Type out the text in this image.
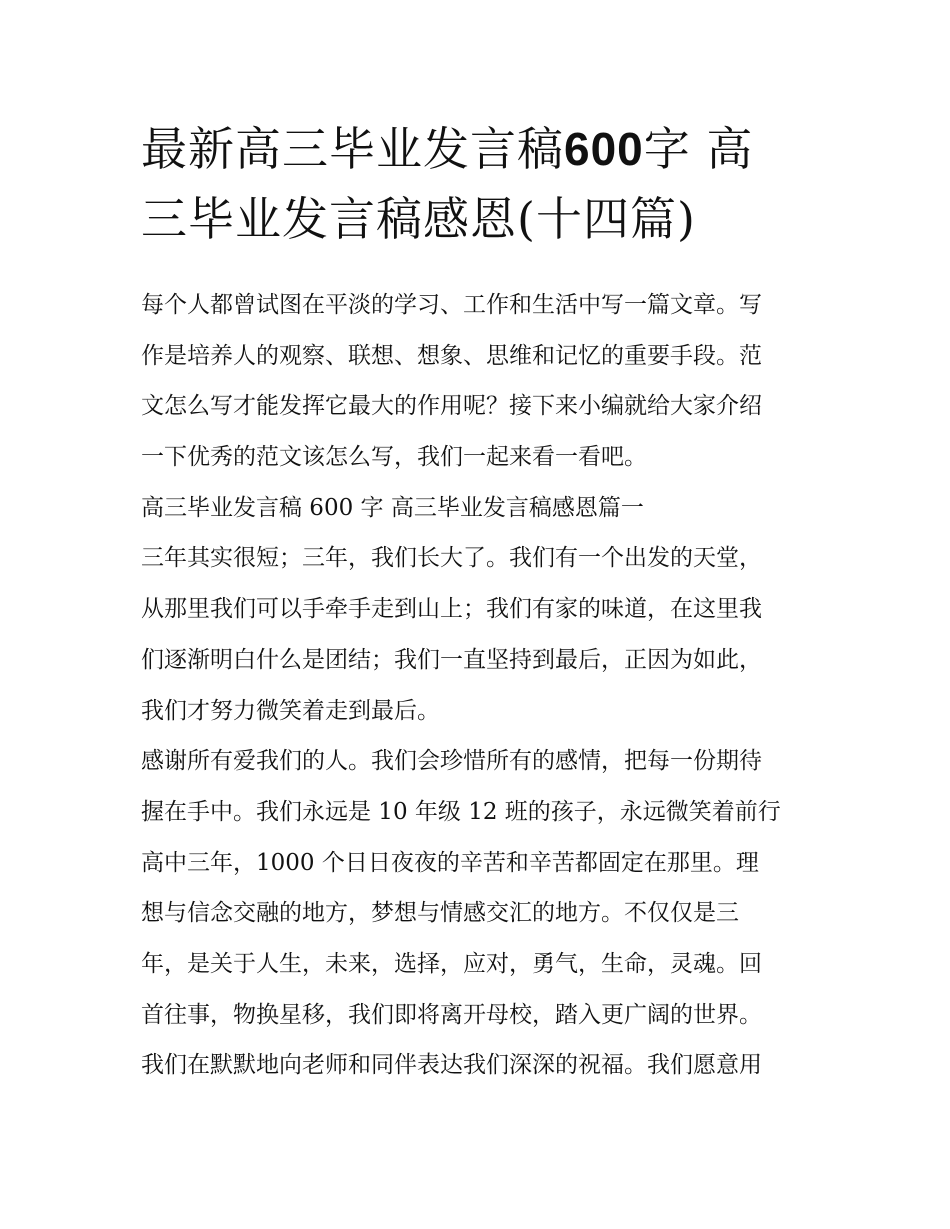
最新高三毕业发言稿600字 高
三毕业发言稿感恩(十四篇)
每个人都曾试图在平淡的学习、工作和生活中写一篇文章。写
作是培养人的观察、联想、想象、思维和记忆的重要手段。范
文怎么写才能发挥它最大的作用呢？接下来小编就给大家介绍
一下优秀的范文该怎么写，我们一起来看一看吧。
高三毕业发言稿 600 字 高三毕业发言稿感恩篇一
三年其实很短；三年，我们长大了。我们有一个出发的天堂，
从那里我们可以手牵手走到山上；我们有家的味道，在这里我
们逐渐明白什么是团结；我们一直坚持到最后，正因为如此，
我们才努力微笑着走到最后。
感谢所有爱我们的人。我们会珍惜所有的感情，把每一份期待
握在手中。我们永远是 10 年级 12 班的孩子，永远微笑着前行
高中三年，1000 个日日夜夜的辛苦和辛苦都固定在那里。理
想与信念交融的地方，梦想与情感交汇的地方。不仅仅是三
年，是关于人生，未来，选择，应对，勇气，生命，灵魂。回
首往事，物换星移，我们即将离开母校，踏入更广阔的世界。
我们在默默地向老师和同伴表达我们深深的祝福。我们愿意用
